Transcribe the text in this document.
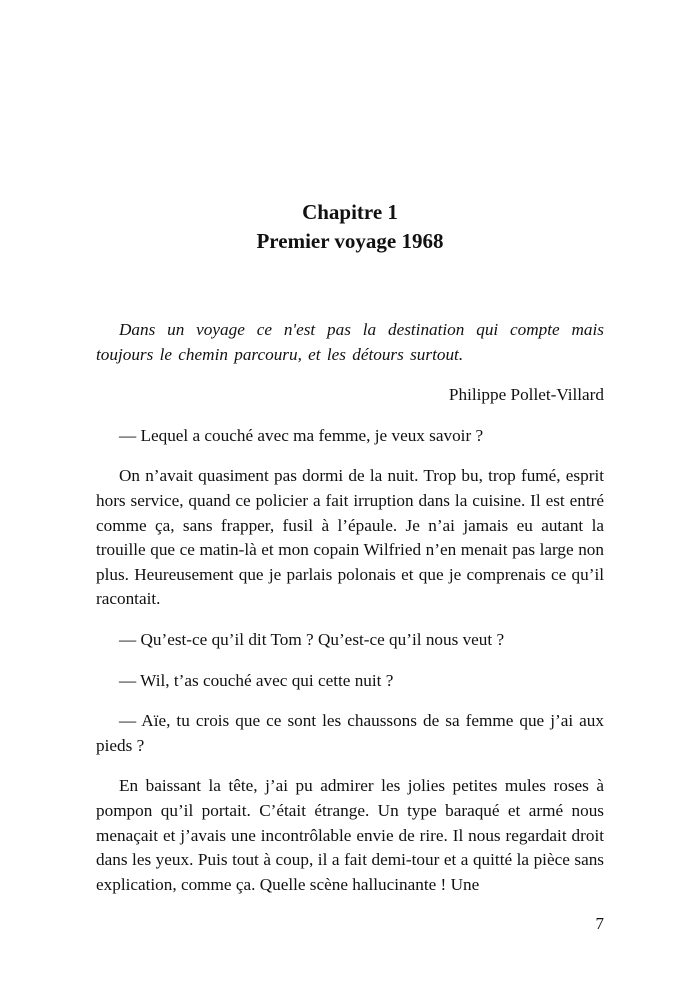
Chapitre 1
Premier voyage 1968

Dans un voyage ce n'est pas la destination qui compte mais toujours le chemin parcouru, et les détours surtout.

Philippe Pollet-Villard

— Lequel a couché avec ma femme, je veux savoir ?

On n’avait quasiment pas dormi de la nuit. Trop bu, trop fumé, esprit hors service, quand ce policier a fait irruption dans la cuisine. Il est entré comme ça, sans frapper, fusil à l’épaule. Je n’ai jamais eu autant la trouille que ce matin-là et mon copain Wilfried n’en menait pas large non plus. Heureusement que je parlais polonais et que je comprenais ce qu’il racontait.

— Qu’est-ce qu’il dit Tom ? Qu’est-ce qu’il nous veut ?

— Wil, t’as couché avec qui cette nuit ?

— Aïe, tu crois que ce sont les chaussons de sa femme que j’ai aux pieds ?

En baissant la tête, j’ai pu admirer les jolies petites mules roses à pompon qu’il portait. C’était étrange. Un type baraqué et armé nous menaçait et j’avais une incontrôlable envie de rire. Il nous regardait droit dans les yeux. Puis tout à coup, il a fait demi-tour et a quitté la pièce sans explication, comme ça. Quelle scène hallucinante ! Une

7
